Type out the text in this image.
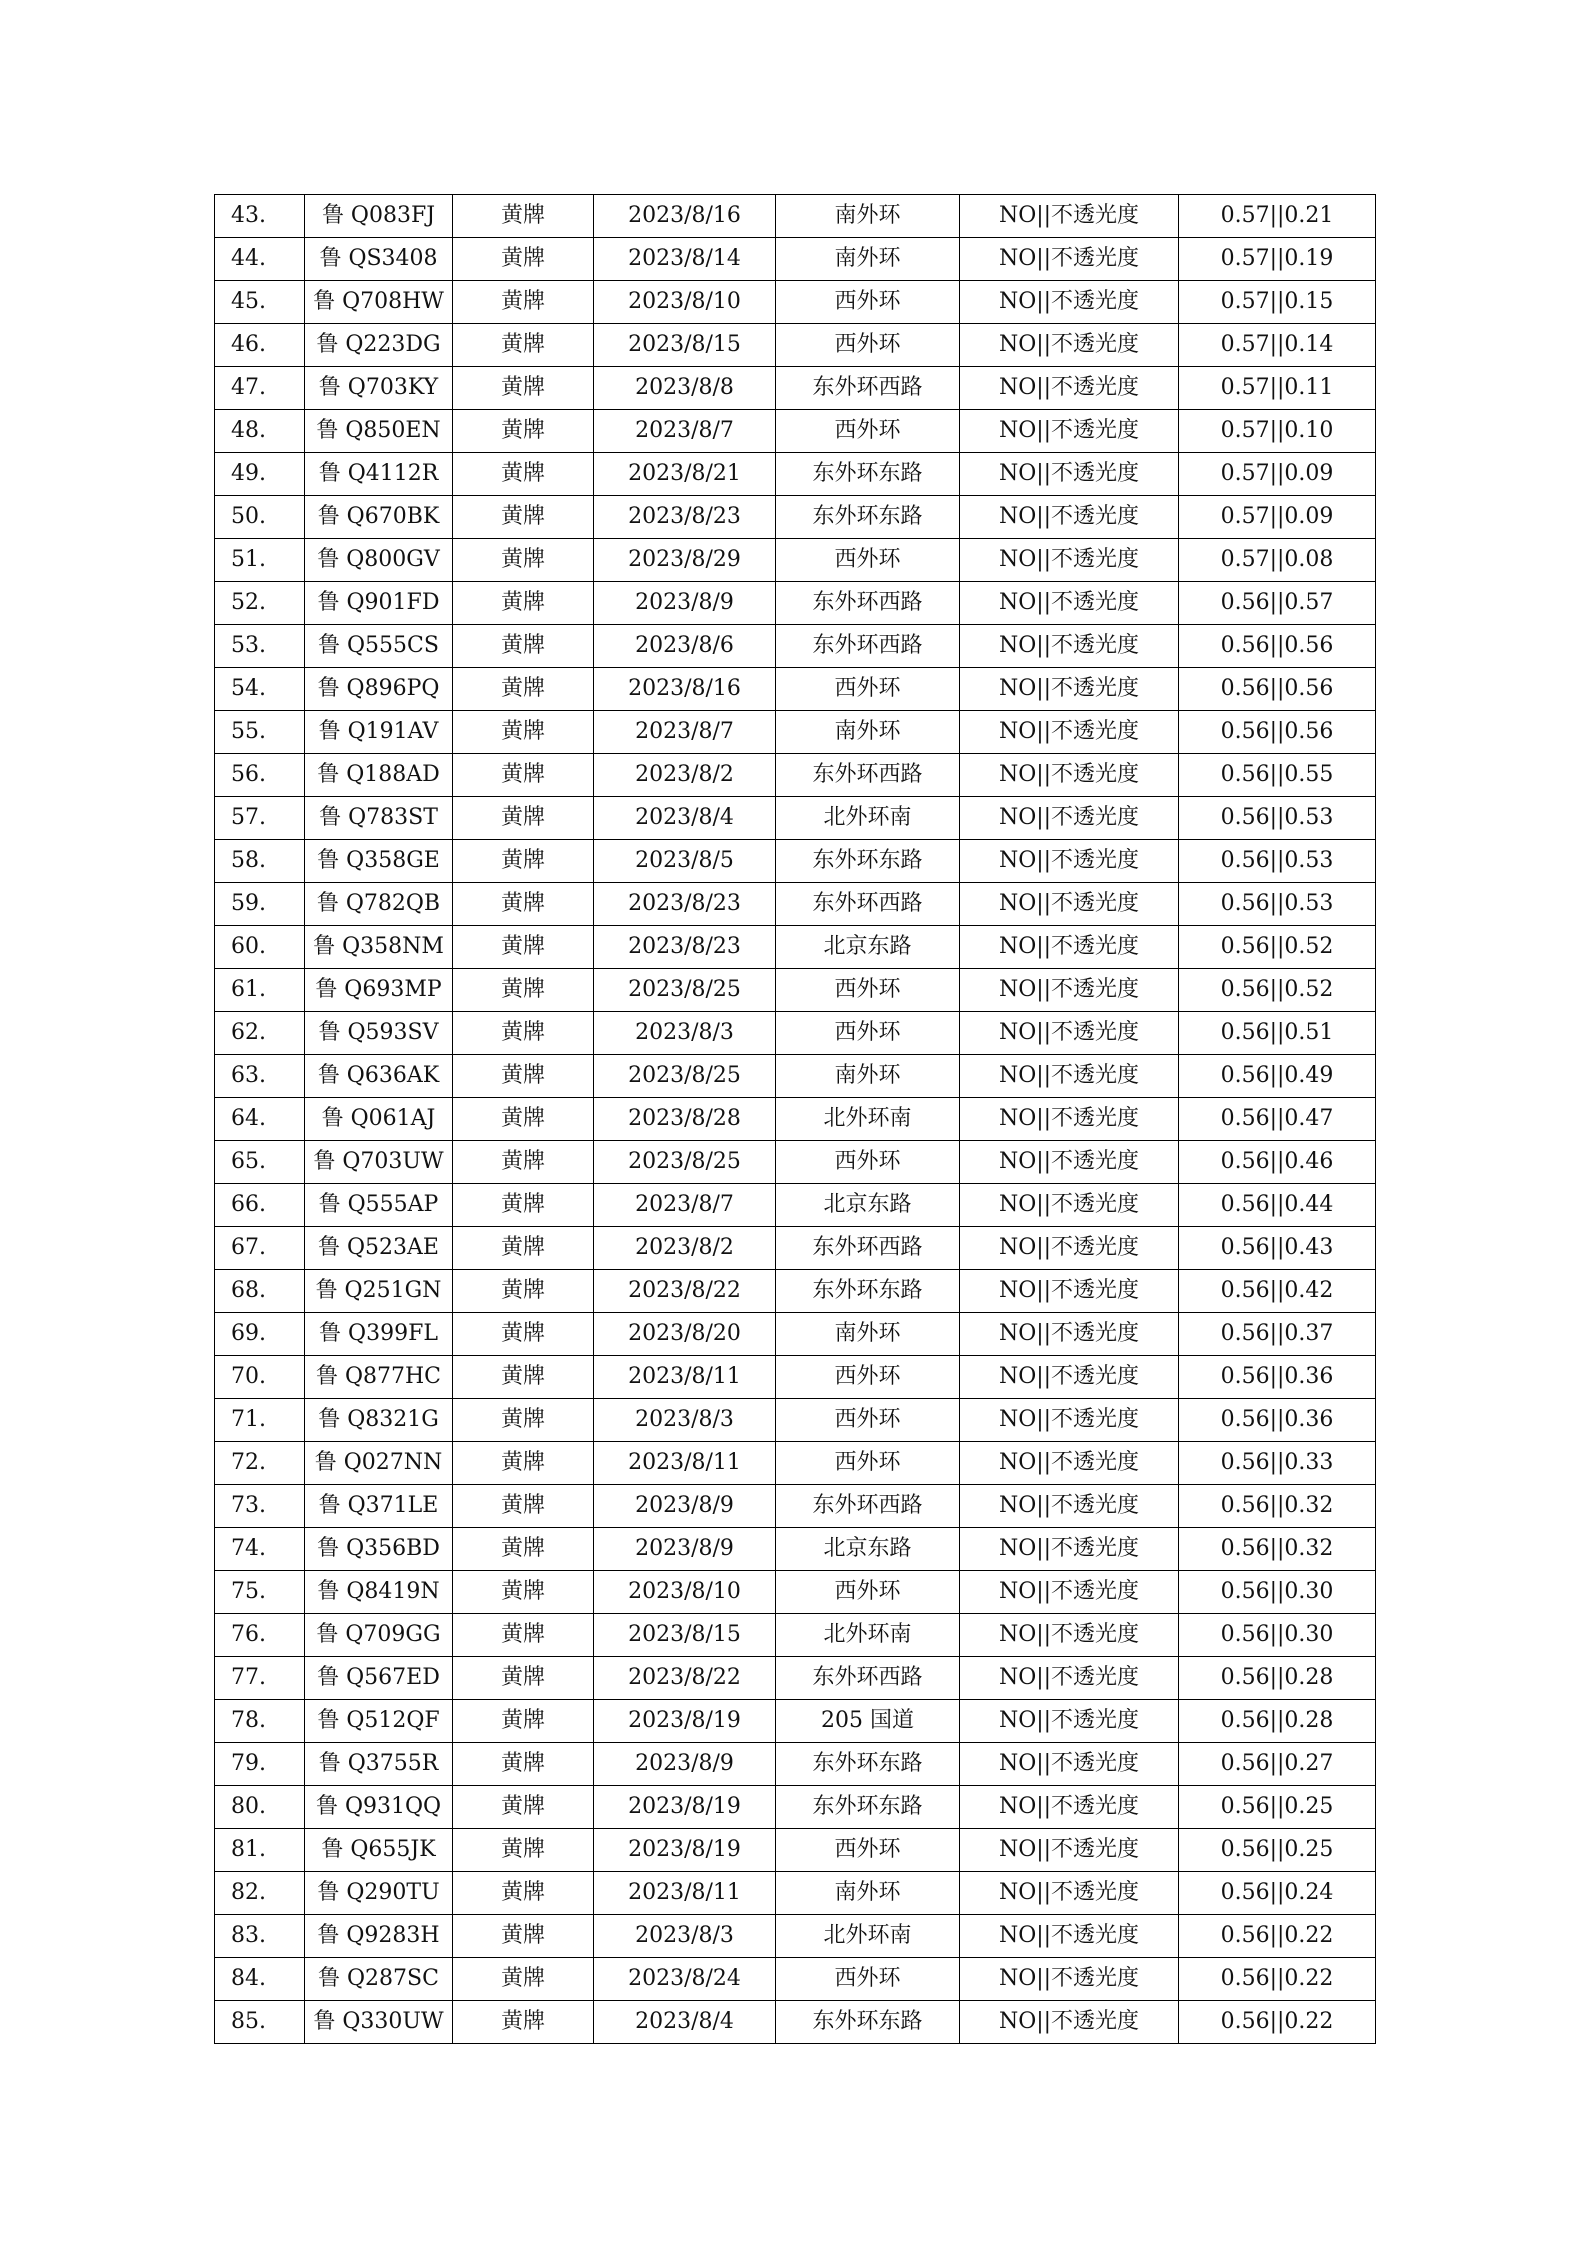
43.	鲁 Q083FJ	黄牌	2023/8/16	南外环	NO||不透光度	0.57||0.21
44.	鲁 QS3408	黄牌	2023/8/14	南外环	NO||不透光度	0.57||0.19
45.	鲁 Q708HW	黄牌	2023/8/10	西外环	NO||不透光度	0.57||0.15
46.	鲁 Q223DG	黄牌	2023/8/15	西外环	NO||不透光度	0.57||0.14
47.	鲁 Q703KY	黄牌	2023/8/8	东外环西路	NO||不透光度	0.57||0.11
48.	鲁 Q850EN	黄牌	2023/8/7	西外环	NO||不透光度	0.57||0.10
49.	鲁 Q4112R	黄牌	2023/8/21	东外环东路	NO||不透光度	0.57||0.09
50.	鲁 Q670BK	黄牌	2023/8/23	东外环东路	NO||不透光度	0.57||0.09
51.	鲁 Q800GV	黄牌	2023/8/29	西外环	NO||不透光度	0.57||0.08
52.	鲁 Q901FD	黄牌	2023/8/9	东外环西路	NO||不透光度	0.56||0.57
53.	鲁 Q555CS	黄牌	2023/8/6	东外环西路	NO||不透光度	0.56||0.56
54.	鲁 Q896PQ	黄牌	2023/8/16	西外环	NO||不透光度	0.56||0.56
55.	鲁 Q191AV	黄牌	2023/8/7	南外环	NO||不透光度	0.56||0.56
56.	鲁 Q188AD	黄牌	2023/8/2	东外环西路	NO||不透光度	0.56||0.55
57.	鲁 Q783ST	黄牌	2023/8/4	北外环南	NO||不透光度	0.56||0.53
58.	鲁 Q358GE	黄牌	2023/8/5	东外环东路	NO||不透光度	0.56||0.53
59.	鲁 Q782QB	黄牌	2023/8/23	东外环西路	NO||不透光度	0.56||0.53
60.	鲁 Q358NM	黄牌	2023/8/23	北京东路	NO||不透光度	0.56||0.52
61.	鲁 Q693MP	黄牌	2023/8/25	西外环	NO||不透光度	0.56||0.52
62.	鲁 Q593SV	黄牌	2023/8/3	西外环	NO||不透光度	0.56||0.51
63.	鲁 Q636AK	黄牌	2023/8/25	南外环	NO||不透光度	0.56||0.49
64.	鲁 Q061AJ	黄牌	2023/8/28	北外环南	NO||不透光度	0.56||0.47
65.	鲁 Q703UW	黄牌	2023/8/25	西外环	NO||不透光度	0.56||0.46
66.	鲁 Q555AP	黄牌	2023/8/7	北京东路	NO||不透光度	0.56||0.44
67.	鲁 Q523AE	黄牌	2023/8/2	东外环西路	NO||不透光度	0.56||0.43
68.	鲁 Q251GN	黄牌	2023/8/22	东外环东路	NO||不透光度	0.56||0.42
69.	鲁 Q399FL	黄牌	2023/8/20	南外环	NO||不透光度	0.56||0.37
70.	鲁 Q877HC	黄牌	2023/8/11	西外环	NO||不透光度	0.56||0.36
71.	鲁 Q8321G	黄牌	2023/8/3	西外环	NO||不透光度	0.56||0.36
72.	鲁 Q027NN	黄牌	2023/8/11	西外环	NO||不透光度	0.56||0.33
73.	鲁 Q371LE	黄牌	2023/8/9	东外环西路	NO||不透光度	0.56||0.32
74.	鲁 Q356BD	黄牌	2023/8/9	北京东路	NO||不透光度	0.56||0.32
75.	鲁 Q8419N	黄牌	2023/8/10	西外环	NO||不透光度	0.56||0.30
76.	鲁 Q709GG	黄牌	2023/8/15	北外环南	NO||不透光度	0.56||0.30
77.	鲁 Q567ED	黄牌	2023/8/22	东外环西路	NO||不透光度	0.56||0.28
78.	鲁 Q512QF	黄牌	2023/8/19	205 国道	NO||不透光度	0.56||0.28
79.	鲁 Q3755R	黄牌	2023/8/9	东外环东路	NO||不透光度	0.56||0.27
80.	鲁 Q931QQ	黄牌	2023/8/19	东外环东路	NO||不透光度	0.56||0.25
81.	鲁 Q655JK	黄牌	2023/8/19	西外环	NO||不透光度	0.56||0.25
82.	鲁 Q290TU	黄牌	2023/8/11	南外环	NO||不透光度	0.56||0.24
83.	鲁 Q9283H	黄牌	2023/8/3	北外环南	NO||不透光度	0.56||0.22
84.	鲁 Q287SC	黄牌	2023/8/24	西外环	NO||不透光度	0.56||0.22
85.	鲁 Q330UW	黄牌	2023/8/4	东外环东路	NO||不透光度	0.56||0.22
